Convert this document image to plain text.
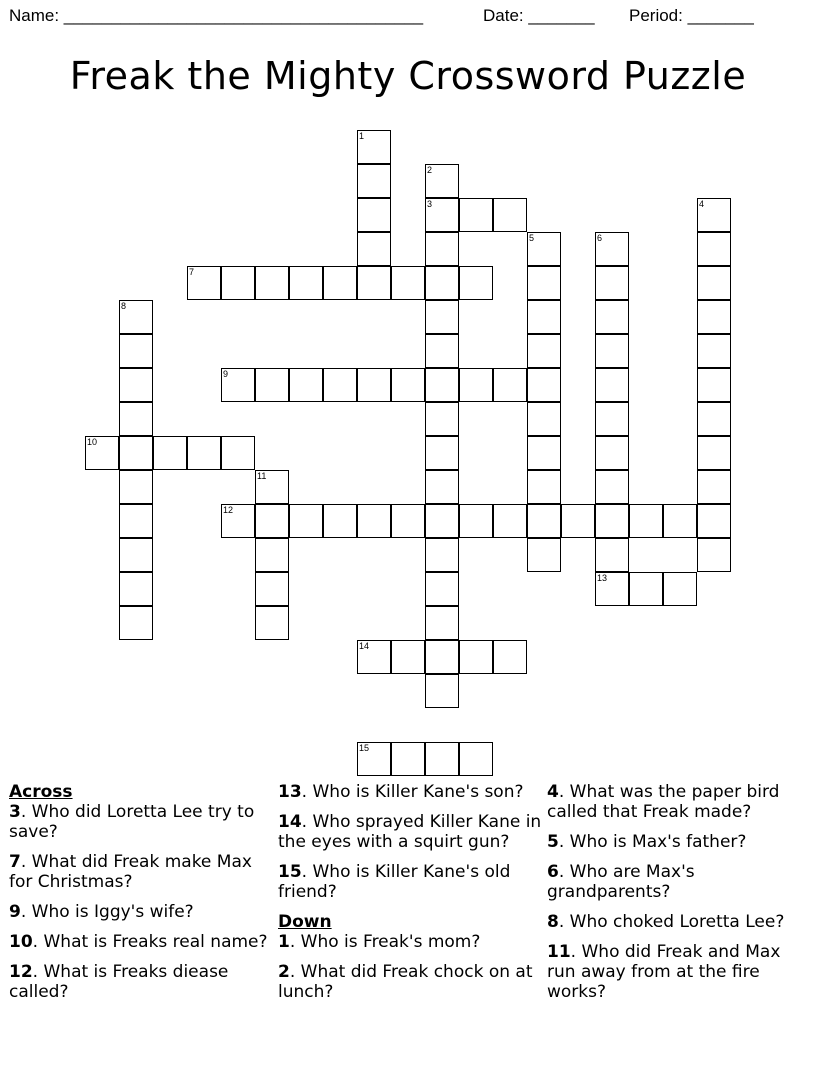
Name: ______________________________________	Date: _______ Period: _______
Freak the Mighty Crossword Puzzle
1
2
3	4
5	6
13
7
8
9
10
11
12
14
15

Across

3. Who did Loretta Lee try to save?

7. What did Freak make Max for Christmas?

9. Who is Iggy's wife?

10. What is Freaks real name?

12. What is Freaks diease called?

13. Who is Killer Kane's son?

14. Who sprayed Killer Kane in the eyes with a squirt gun?

15. Who is Killer Kane's old friend?

Down

1. Who is Freak's mom?

2. What did Freak chock on at lunch?

4. What was the paper bird called that Freak made?

5. Who is Max's father?

6. Who are Max's grandparents?

8. Who choked Loretta Lee?

11. Who did Freak and Max run away from at the fire works?
